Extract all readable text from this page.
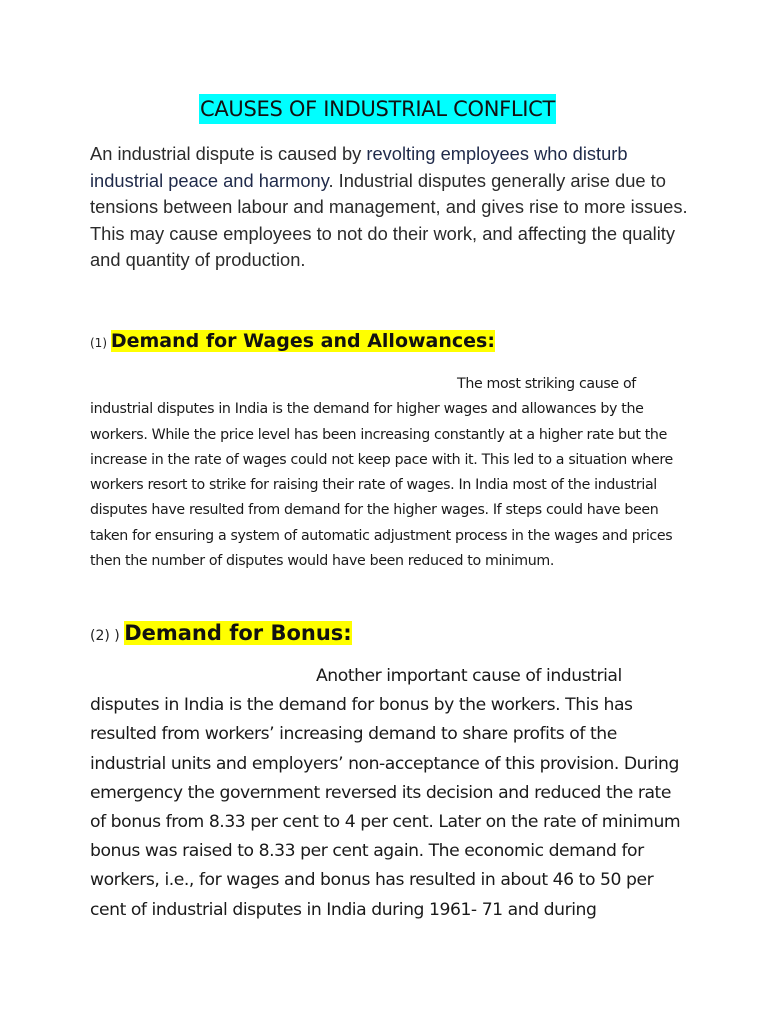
CAUSES OF INDUSTRIAL CONFLICT

An industrial dispute is caused by revolting employees who disturb industrial peace and harmony. Industrial disputes generally arise due to tensions between labour and management, and gives rise to more issues. This may cause employees to not do their work, and affecting the quality and quantity of production.

(1) Demand for Wages and Allowances:

The most striking cause of industrial disputes in India is the demand for higher wages and allowances by the workers. While the price level has been increasing constantly at a higher rate but the increase in the rate of wages could not keep pace with it. This led to a situation where workers resort to strike for raising their rate of wages. In India most of the industrial disputes have resulted from demand for the higher wages. If steps could have been taken for ensuring a system of automatic adjustment process in the wages and prices then the number of disputes would have been reduced to minimum.

(2) ) Demand for Bonus:

Another important cause of industrial disputes in India is the demand for bonus by the workers. This has resulted from workers’ increasing demand to share profits of the industrial units and employers’ non-acceptance of this provision. During emergency the government reversed its decision and reduced the rate of bonus from 8.33 per cent to 4 per cent. Later on the rate of minimum bonus was raised to 8.33 per cent again. The economic demand for workers, i.e., for wages and bonus has resulted in about 46 to 50 per cent of industrial disputes in India during 1961- 71 and during
